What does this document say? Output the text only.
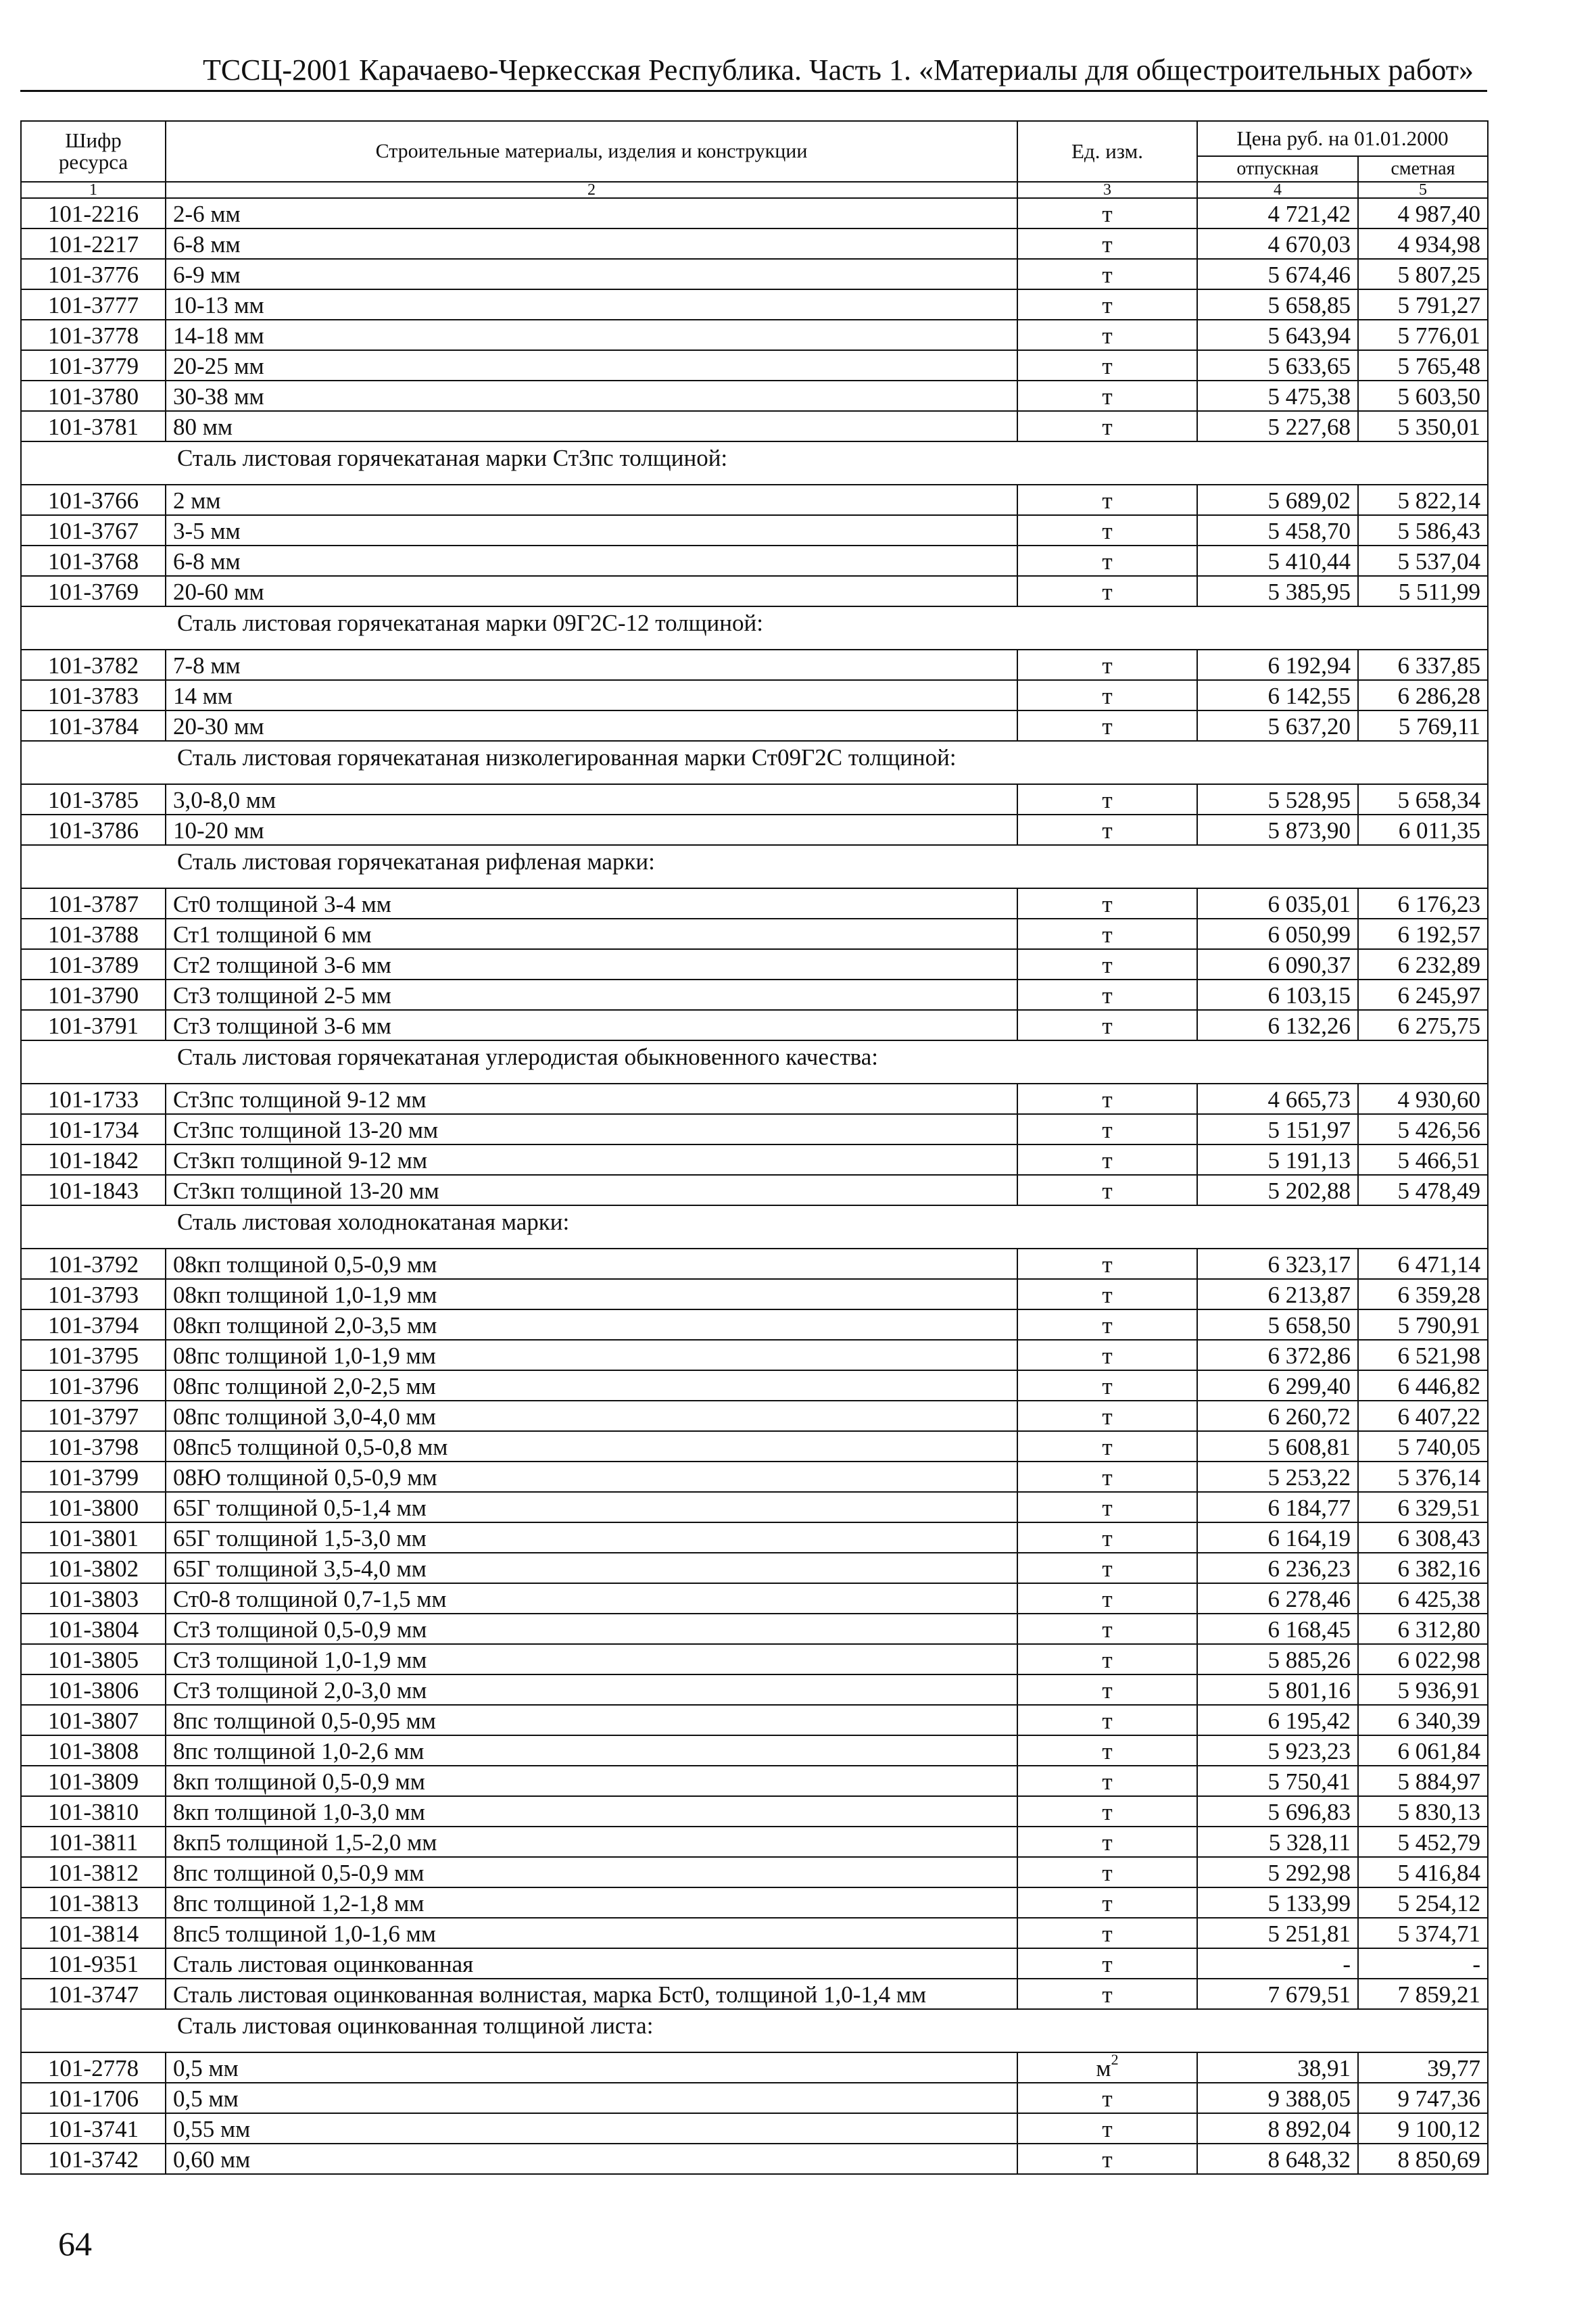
ТССЦ-2001 Карачаево-Черкесская Республика. Часть 1. «Материалы для общестроительных работ»
Шифр ресурса	Строительные материалы, изделия и конструкции	Ед. изм.	Цена руб. на 01.01.2000	
			отпускная	сметная
1	2	3	4	5
101-2216	2-6 мм	т	4 721,42	4 987,40
101-2217	6-8 мм	т	4 670,03	4 934,98
101-3776	6-9 мм	т	5 674,46	5 807,25
101-3777	10-13 мм	т	5 658,85	5 791,27
101-3778	14-18 мм	т	5 643,94	5 776,01
101-3779	20-25 мм	т	5 633,65	5 765,48
101-3780	30-38 мм	т	5 475,38	5 603,50
101-3781	80 мм	т	5 227,68	5 350,01

Сталь листовая горячекатаная марки Ст3пс толщиной:				

101-3766	2 мм	т	5 689,02	5 822,14
101-3767	3-5 мм	т	5 458,70	5 586,43
101-3768	6-8 мм	т	5 410,44	5 537,04
101-3769	20-60 мм	т	5 385,95	5 511,99

Сталь листовая горячекатаная марки 09Г2С-12 толщиной:				

101-3782	7-8 мм	т	6 192,94	6 337,85
101-3783	14 мм	т	6 142,55	6 286,28
101-3784	20-30 мм	т	5 637,20	5 769,11

Сталь листовая горячекатаная низколегированная марки Ст09Г2С толщиной:				

101-3785	3,0-8,0 мм	т	5 528,95	5 658,34
101-3786	10-20 мм	т	5 873,90	6 011,35

Сталь листовая горячекатаная рифленая марки:				

101-3787	Ст0 толщиной 3-4 мм	т	6 035,01	6 176,23
101-3788	Ст1 толщиной 6 мм	т	6 050,99	6 192,57
101-3789	Ст2 толщиной 3-6 мм	т	6 090,37	6 232,89
101-3790	Ст3 толщиной 2-5 мм	т	6 103,15	6 245,97
101-3791	Ст3 толщиной 3-6 мм	т	6 132,26	6 275,75

Сталь листовая горячекатаная углеродистая обыкновенного качества:				

101-1733	Ст3пс толщиной 9-12 мм	т	4 665,73	4 930,60
101-1734	Ст3пс толщиной 13-20 мм	т	5 151,97	5 426,56
101-1842	Ст3кп толщиной 9-12 мм	т	5 191,13	5 466,51
101-1843	Ст3кп толщиной 13-20 мм	т	5 202,88	5 478,49

Сталь листовая холоднокатаная марки:				

101-3792	08кп толщиной 0,5-0,9 мм	т	6 323,17	6 471,14
101-3793	08кп толщиной 1,0-1,9 мм	т	6 213,87	6 359,28
101-3794	08кп толщиной 2,0-3,5 мм	т	5 658,50	5 790,91
101-3795	08пс толщиной 1,0-1,9 мм	т	6 372,86	6 521,98
101-3796	08пс толщиной 2,0-2,5 мм	т	6 299,40	6 446,82
101-3797	08пс толщиной 3,0-4,0 мм	т	6 260,72	6 407,22
101-3798	08пс5 толщиной 0,5-0,8 мм	т	5 608,81	5 740,05
101-3799	08Ю толщиной 0,5-0,9 мм	т	5 253,22	5 376,14
101-3800	65Г толщиной 0,5-1,4 мм	т	6 184,77	6 329,51
101-3801	65Г толщиной 1,5-3,0 мм	т	6 164,19	6 308,43
101-3802	65Г толщиной 3,5-4,0 мм	т	6 236,23	6 382,16
101-3803	Ст0-8 толщиной 0,7-1,5 мм	т	6 278,46	6 425,38
101-3804	Ст3 толщиной 0,5-0,9 мм	т	6 168,45	6 312,80
101-3805	Ст3 толщиной 1,0-1,9 мм	т	5 885,26	6 022,98
101-3806	Ст3 толщиной 2,0-3,0 мм	т	5 801,16	5 936,91
101-3807	8пс толщиной 0,5-0,95 мм	т	6 195,42	6 340,39
101-3808	8пс толщиной 1,0-2,6 мм	т	5 923,23	6 061,84
101-3809	8кп толщиной 0,5-0,9 мм	т	5 750,41	5 884,97
101-3810	8кп толщиной 1,0-3,0 мм	т	5 696,83	5 830,13
101-3811	8кп5 толщиной 1,5-2,0 мм	т	5 328,11	5 452,79
101-3812	8пс толщиной 0,5-0,9 мм	т	5 292,98	5 416,84
101-3813	8пс толщиной 1,2-1,8 мм	т	5 133,99	5 254,12
101-3814	8пс5 толщиной 1,0-1,6 мм	т	5 251,81	5 374,71
101-9351	Сталь листовая оцинкованная	т	-	-
101-3747	Сталь листовая оцинкованная волнистая, марка Бст0, толщиной 1,0-1,4 мм	т	7 679,51	7 859,21

Сталь листовая оцинкованная толщиной листа:				

101-2778	0,5 мм	$м^2$	38,91	39,77
101-1706	0,5 мм	т	9 388,05	9 747,36
101-3741	0,55 мм	т	8 892,04	9 100,12
101-3742	0,60 мм	т	8 648,32	8 850,69
64
